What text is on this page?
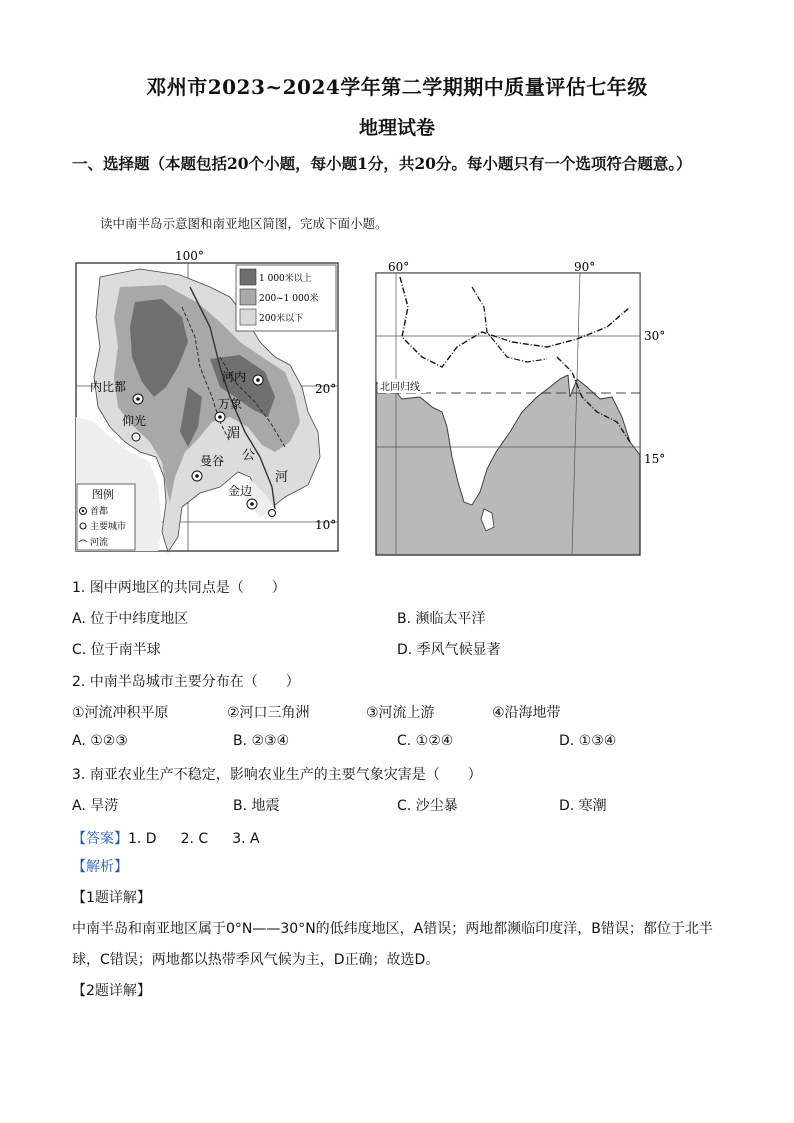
邓州市2023~2024学年第二学期期中质量评估七年级
地理试卷
一、选择题（本题包括20个小题，每小题1分，共20分。每小题只有一个选项符合题意。）
读中南半岛示意图和南亚地区简图，完成下面小题。
1 000米以上
200~1 000米
200米以下
100°
20°
10°
内比都
仰光
河内
万象
曼谷
金边
湄
公
河
图例
首都
主要城市
河流
60°	90°
30°
15°
北回归线
1. 图中两地区的共同点是（　　）
A. 位于中纬度地区	B. 濒临太平洋
C. 位于南半球	D. 季风气候显著
2. 中南半岛城市主要分布在（　　）
①河流冲积平原	②河口三角洲	③河流上游	④沿海地带
A. ①②③	B. ②③④	C. ①②④	D. ①③④
3. 南亚农业生产不稳定，影响农业生产的主要气象灾害是（　　）
A. 旱涝	B. 地震	C. 沙尘暴	D. 寒潮
【答案】1. D 2. C 3. A
【解析】
【1题详解】
中南半岛和南亚地区属于0°N——30°N的低纬度地区，A错误；两地都濒临印度洋，B错误；都位于北半球，C错误；两地都以热带季风气候为主，D正确；故选D。
【2题详解】
